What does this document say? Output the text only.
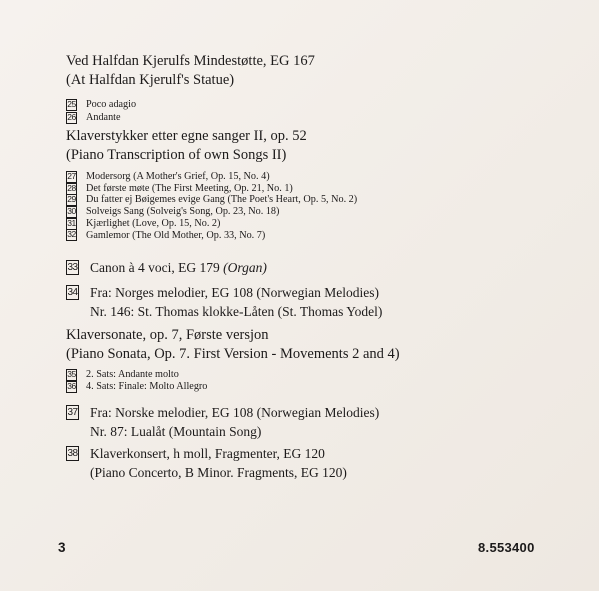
Ved Halfdan Kjerulfs Mindestøtte, EG 167
(At Halfdan Kjerulf's Statue)
25 Poco adagio
26 Andante
Klaverstykker etter egne sanger II, op. 52
(Piano Transcription of own Songs II)
27 Modersorg (A Mother's Grief, Op. 15, No. 4)
28 Det første møte (The First Meeting, Op. 21, No. 1)
29 Du fatter ej Bøigemes evige Gang (The Poet's Heart, Op. 5, No. 2)
30 Solveigs Sang (Solveig's Song, Op. 23, No. 18)
31 Kjærlighet (Love, Op. 15, No. 2)
32 Gamlemor (The Old Mother, Op. 33, No. 7)
33 Canon à 4 voci, EG 179
(Organ)
34 Fra: Norges melodier, EG 108 (Norwegian Melodies)
Nr. 146: St. Thomas klokke-Låten (St. Thomas Yodel)
Klaversonate, op. 7, Første versjon
(Piano Sonata, Op. 7. First Version - Movements 2 and 4)
35 2. Sats: Andante molto
36 4. Sats: Finale: Molto Allegro
37 Fra: Norske melodier, EG 108 (Norwegian Melodies)
Nr. 87: Lualåt (Mountain Song)
38 Klaverkonsert, h moll, Fragmenter, EG 120
(Piano Concerto, B Minor. Fragments, EG 120)
3	8.553400
